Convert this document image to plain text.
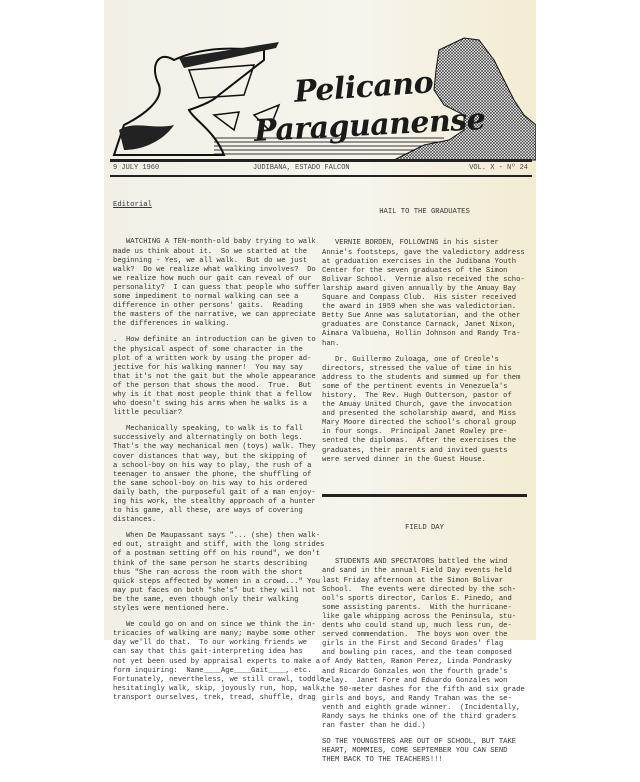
Pelicano
Paraguanense
9 JULY 1960	JUDIBANA, ESTADO FALCON	VOL. X - Nº 24

Editorial

WATCHING A TEN-month-old baby trying to walk
made us think about it.  So we started at the
beginning - Yes, we all walk.  But do we just
walk?  Do we realize what walking involves?  Do
we realize how much our gait can reveal of our
personality?  I can guess that people who suffer
some impediment to normal walking can see a
difference in other persons' gaits.  Reading
the masters of the narrative, we can appreciate
the differences in walking.
.  How definite an introduction can be given to
the physical aspect of some character in the
plot of a written work by using the proper ad-
jective for his walking manner!  You may say
that it's not the gait but the whole appearance
of the person that shows the mood.  True.  But
why is it that most people think that a fellow
who doesn't swing his arms when he walks is a
little peculiar?
Mechanically speaking, to walk is to fall
successively and alternatingly on both legs.
That's the way mechanical men (toys) walk. They
cover distances that way, but the skipping of
a school-boy on his way to play, the rush of a
teenager to answer the phone, the shuffling of
the same school-boy on his way to his ordered
daily bath, the purposeful gait of a man enjoy-
ing his work, the stealthy approach of a hunter
to his game, all these, are ways of covering
distances.
When De Maupassant says "... (she) then walk-
ed out, straight and stiff, with the long strides
of a postman setting off on his round", we don't
think of the same person he starts describing
thus "She ran across the room with the short
quick steps affected by women in a crowd..." You
may put faces on both "she's" but they will not
be the same, even though only their walking
styles were mentioned here.
We could go on and on since we think the in-
tricacies of walking are many; maybe some other
day we'll do that.  To our working friends we
can say that this gait-interpreting idea has
not yet been used by appraisal experts to make a
form inquiring:  Name____Age____Gait____, etc.
Fortunately, nevertheless, we still crawl, toddle,
hesitatingly walk, skip, joyously run, hop, walk,
transport ourselves, trek, tread, shuffle, drag

HAIL TO THE GRADUATES

VERNIE BORDEN, FOLLOWING in his sister
Annie's footsteps, gave the valedictory address
at graduation exercises in the Judibana Youth
Center for the seven graduates of the Simon
Bolivar School.  Vernie also received the scho-
larship award given annually by the Amuay Bay
Square and Compass Club.  His sister received
the award in 1959 when she was valedictorian.
Betty Sue Anne was salutatorian, and the other
graduates are Constance Carnack, Janet Nixon,
Aimara Valbuena, Hollin Johnson and Randy Tra-
han.
Dr. Guillermo Zuloaga, one of Creole's
directors, stressed the value of time in his
address to the students and summed up for them
some of the pertinent events in Venezuela's
history.  The Rev. Hugh Outterson, pastor of
the Amuay United Church, gave the invocation
and presented the scholarship award, and Miss
Mary Moore directed the school's choral group
in four songs.  Principal Janet Rowley pre-
sented the diplomas.  After the exercises the
graduates, their parents and invited guests
were served dinner in the Guest House.

FIELD DAY

STUDENTS AND SPECTATORS battled the wind
and sand in the annual Field Day events held
last Friday afternoon at the Simon Bolivar
School.  The events were directed by the sch-
ool's sports director, Carlos E. Pinedo, and
some assisting parents.  With the hurricane-
like gale whipping across the Peninsula, stu-
dents who could stand up, much less run, de-
served commendation.  The boys won over the
girls in the First and Second Grades' flag
and bowling pin races, and the team composed
of Andy Hatten, Ramon Perez, Linda Pondrasky
and Ricardo Gonzales won the fourth grade's
relay.  Janet Fore and Eduardo Gonzales won
the 50-meter dashes for the fifth and six grade
girls and boys, and Randy Trahan was the se-
venth and eighth grade winner.  (Incidentally,
Randy says he thinks one of the third graders
ran faster than he did.)
SO THE YOUNGSTERS ARE OUT OF SCHOOL, BUT TAKE
HEART, MOMMIES, COME SEPTEMBER YOU CAN SEND
THEM BACK TO THE TEACHERS!!!
